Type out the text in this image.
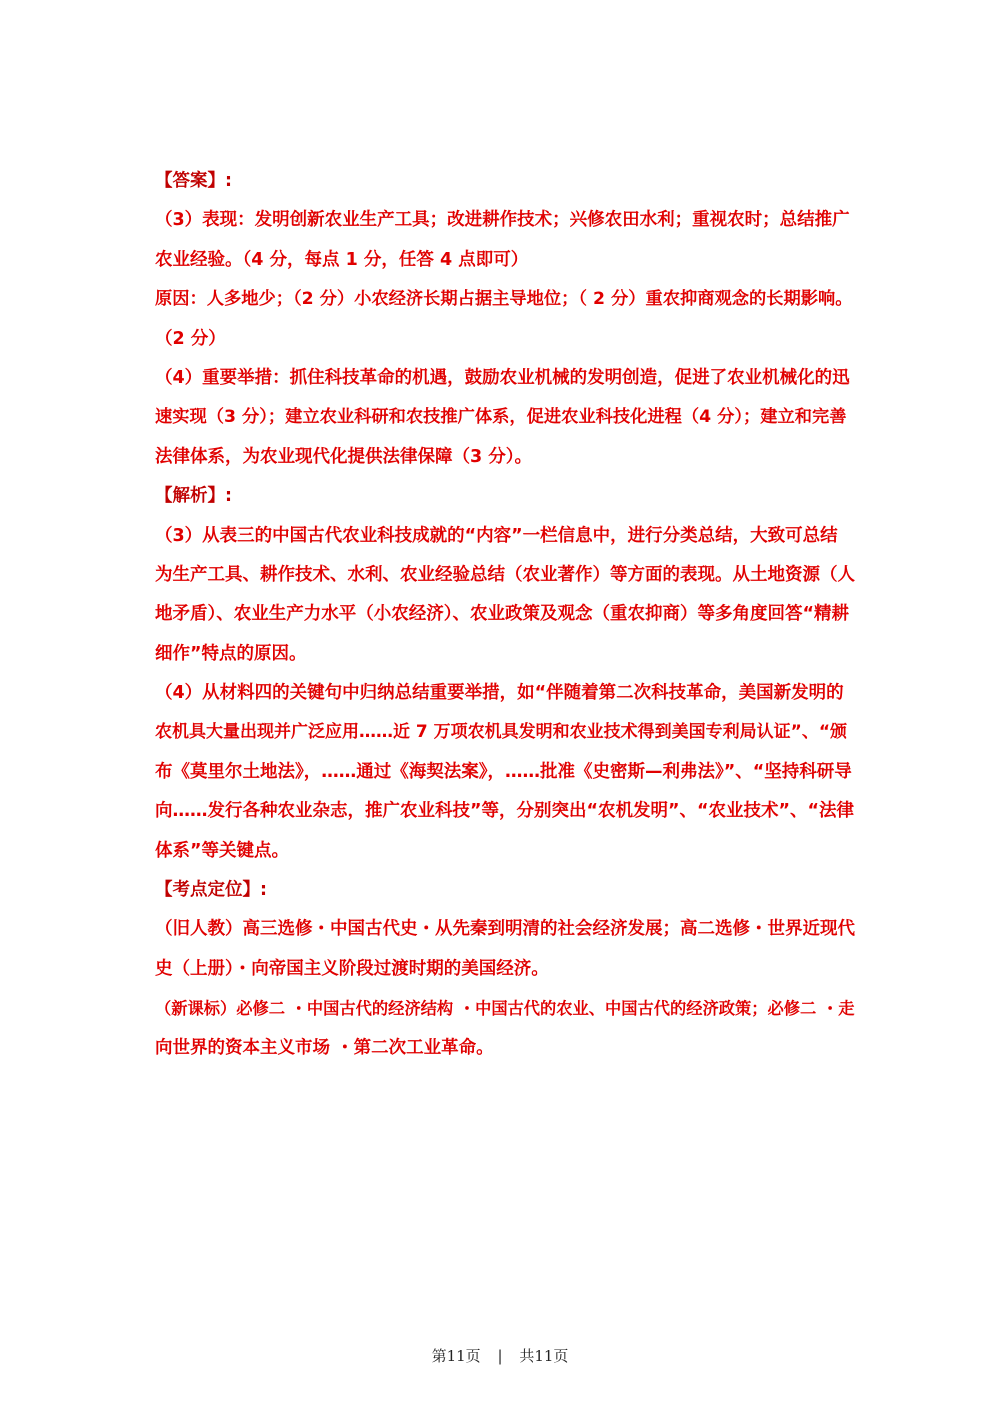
【答案】:
（3）表现：发明创新农业生产工具；改进耕作技术；兴修农田水利；重视农时；总结推广
农业经验。（4 分，每点 1 分，任答 4 点即可）
原因：人多地少；（2 分）小农经济长期占据主导地位；（ 2 分）重农抑商观念的长期影响。
（2 分）
（4）重要举措：抓住科技革命的机遇，鼓励农业机械的发明创造，促进了农业机械化的迅
速实现（3 分）；建立农业科研和农技推广体系，促进农业科技化进程（4 分）；建立和完善
法律体系，为农业现代化提供法律保障（3 分）。
【解析】:
（3）从表三的中国古代农业科技成就的“内容”一栏信息中，进行分类总结，大致可总结
为生产工具、耕作技术、水利、农业经验总结（农业著作）等方面的表现。从土地资源（人
地矛盾）、农业生产力水平（小农经济）、农业政策及观念（重农抑商）等多角度回答“精耕
细作”特点的原因。
（4）从材料四的关键句中归纳总结重要举措，如“伴随着第二次科技革命，美国新发明的
农机具大量出现并广泛应用……近 7 万项农机具发明和农业技术得到美国专利局认证”、“颁
布《莫里尔土地法》，……通过《海契法案》，……批准《史密斯—利弗法》”、“坚持科研导
向……发行各种农业杂志，推广农业科技”等，分别突出“农机发明”、“农业技术”、“法律
体系”等关键点。
【考点定位】:
（旧人教）高三选修・中国古代史・从先秦到明清的社会经济发展；高二选修・世界近现代
史（上册）・向帝国主义阶段过渡时期的美国经济。
（新课标）必修二 ・中国古代的经济结构 ・中国古代的农业、中国古代的经济政策；必修二 ・走
向世界的资本主义市场 ・第二次工业革命。
第11页 | 共11页
